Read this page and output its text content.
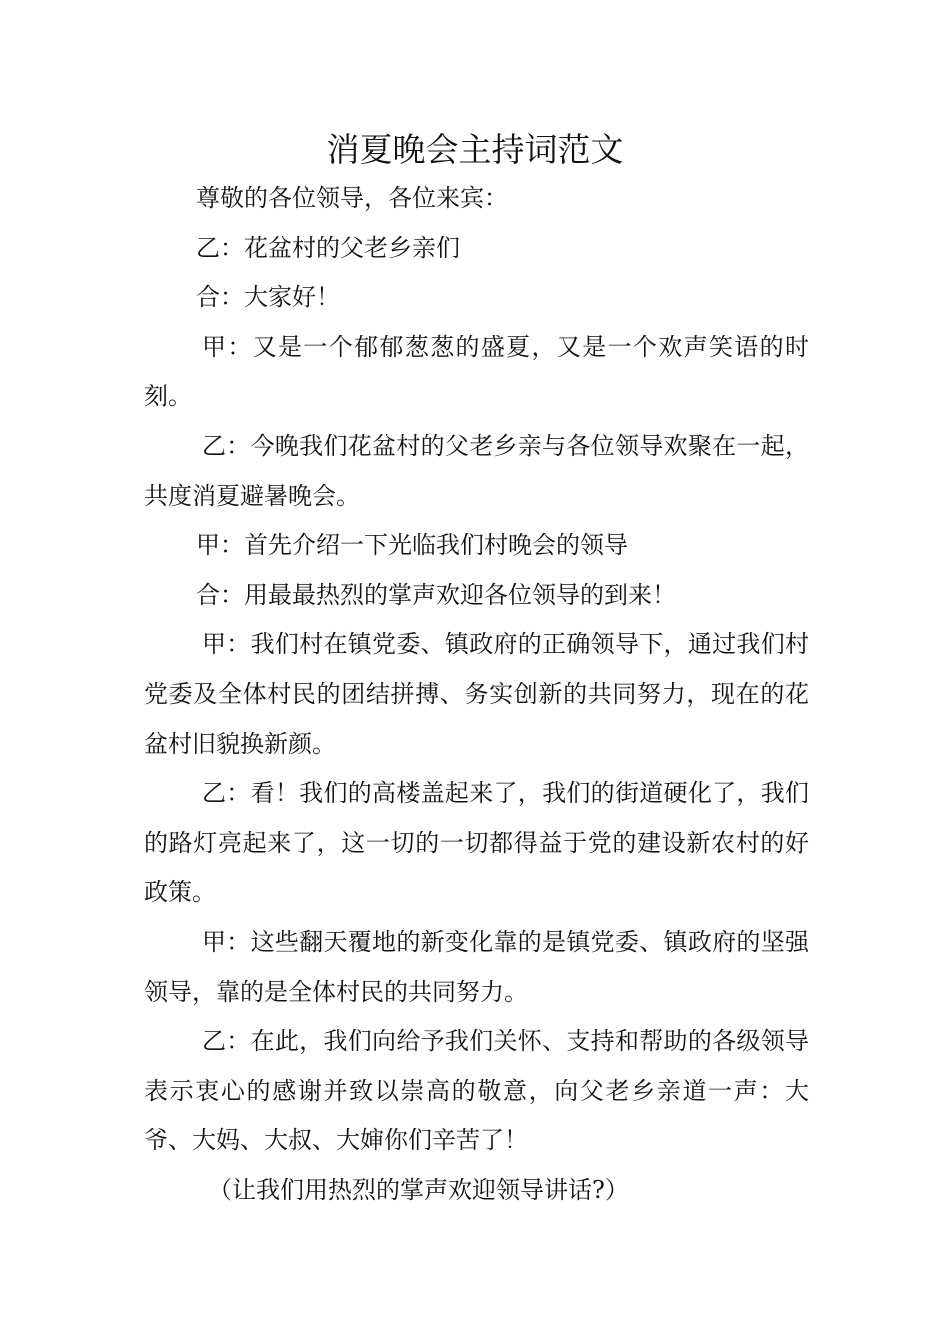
消夏晚会主持词范文

尊敬的各位领导，各位来宾：

乙：花盆村的父老乡亲们

合：大家好！

甲：又是一个郁郁葱葱的盛夏，又是一个欢声笑语的时刻。

乙：今晚我们花盆村的父老乡亲与各位领导欢聚在一起，共度消夏避暑晚会。

甲：首先介绍一下光临我们村晚会的领导

合：用最最热烈的掌声欢迎各位领导的到来！

甲：我们村在镇党委、镇政府的正确领导下，通过我们村党委及全体村民的团结拼搏、务实创新的共同努力，现在的花盆村旧貌换新颜。

乙：看！我们的高楼盖起来了，我们的街道硬化了，我们的路灯亮起来了，这一切的一切都得益于党的建设新农村的好政策。

甲：这些翻天覆地的新变化靠的是镇党委、镇政府的坚强领导，靠的是全体村民的共同努力。

乙：在此，我们向给予我们关怀、支持和帮助的各级领导表示衷心的感谢并致以崇高的敬意，向父老乡亲道一声：大爷、大妈、大叔、大婶你们辛苦了！

（让我们用热烈的掌声欢迎领导讲话?）
